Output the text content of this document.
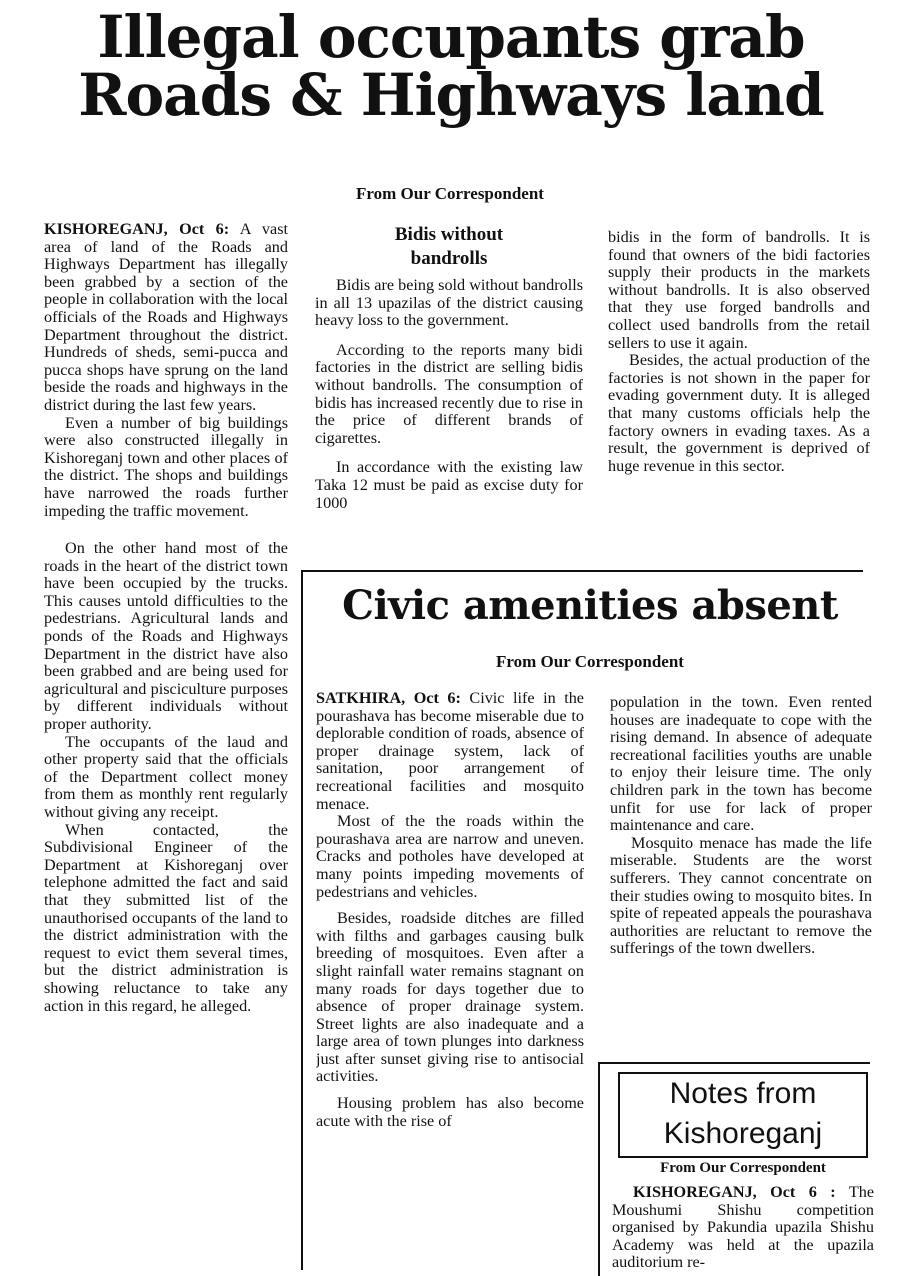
Illegal occupants grab
Roads & Highways land
From Our Correspondent

KISHOREGANJ, Oct 6: A vast area of land of the Roads and Highways Department has illegally been grabbed by a section of the people in collaboration with the local officials of the Roads and Highways Department throughout the district. Hundreds of sheds, semi-pucca and pucca shops have sprung on the land beside the roads and highways in the district during the last few years.

Even a number of big buildings were also constructed illegally in Kishoreganj town and other places of the district. The shops and buildings have narrowed the roads further impeding the traffic movement.

On the other hand most of the roads in the heart of the district town have been occupied by the trucks. This causes untold difficulties to the pedestrians. Agricultural lands and ponds of the Roads and Highways Department in the district have also been grabbed and are being used for agricultural and pisciculture purposes by different individuals without proper authority.

The occupants of the laud and other property said that the officials of the Department collect money from them as monthly rent regularly without giving any receipt.

When contacted, the Subdivisional Engineer of the Department at Kishoreganj over telephone admitted the fact and said that they submitted list of the unauthorised occupants of the land to the district administration with the request to evict them several times, but the district administration is showing reluctance to take any action in this regard, he alleged.

Bidis without bandrolls

Bidis are being sold without bandrolls in all 13 upazilas of the district causing heavy loss to the government.

According to the reports many bidi factories in the district are selling bidis without bandrolls. The consumption of bidis has increased recently due to rise in the price of different brands of cigarettes.

In accordance with the existing law Taka 12 must be paid as excise duty for 1000

bidis in the form of bandrolls. It is found that owners of the bidi factories supply their products in the markets without bandrolls. It is also observed that they use forged bandrolls and collect used bandrolls from the retail sellers to use it again.

Besides, the actual production of the factories is not shown in the paper for evading government duty. It is alleged that many customs officials help the factory owners in evading taxes. As a result, the government is deprived of huge revenue in this sector.

Civic amenities absent
From Our Correspondent

SATKHIRA, Oct 6: Civic life in the pourashava has become miserable due to deplorable condition of roads, absence of proper drainage system, lack of sanitation, poor arrangement of recreational facilities and mosquito menace.

Most of the the roads within the pourashava area are narrow and uneven. Cracks and potholes have developed at many points impeding movements of pedestrians and vehicles.

Besides, roadside ditches are filled with filths and garbages causing bulk breeding of mosquitoes. Even after a slight rainfall water remains stagnant on many roads for days together due to absence of proper drainage system. Street lights are also inadequate and a large area of town plunges into darkness just after sunset giving rise to antisocial activities.

Housing problem has also become acute with the rise of

population in the town. Even rented houses are inadequate to cope with the rising demand. In absence of adequate recreational facilities youths are unable to enjoy their leisure time. The only children park in the town has become unfit for use for lack of proper maintenance and care.

Mosquito menace has made the life miserable. Students are the worst sufferers. They cannot concentrate on their studies owing to mosquito bites. In spite of repeated appeals the pourashava authorities are reluctant to remove the sufferings of the town dwellers.

Notes from
Kishoreganj
From Our Correspondent

KISHOREGANJ, Oct 6 : The Moushumi Shishu competition organised by Pakundia upazila Shishu Academy was held at the upazila auditorium re-
